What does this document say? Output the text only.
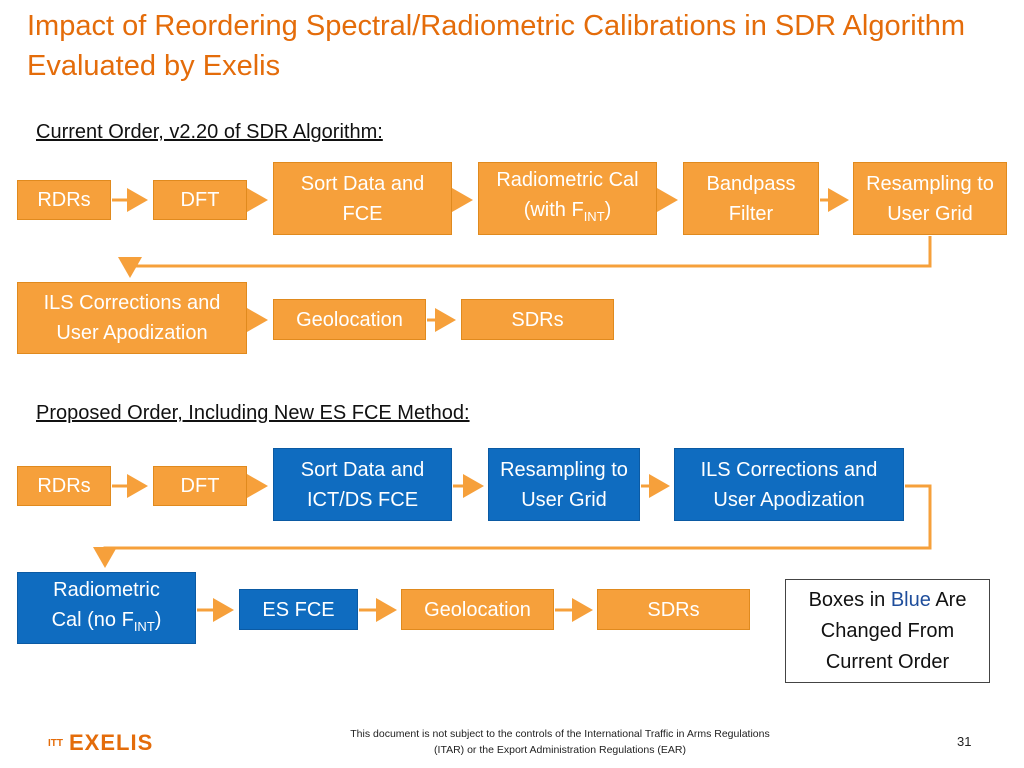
Impact of Reordering Spectral/Radiometric Calibrations in SDR Algorithm Evaluated by Exelis
Current Order, v2.20 of SDR Algorithm:
RDRs	DFT
Sort Data and FCE
Radiometric Cal (with $F_{INT}$)
Bandpass Filter
Resampling to User Grid
ILS Corrections and User Apodization
Geolocation	SDRs
Proposed Order, Including New ES FCE Method:
RDRs	DFT
Sort Data and ICT/DS FCE
Resampling to User Grid
ILS Corrections and User Apodization
Radiometric Cal (no $F_{INT}$)	ES FCE	Geolocation	SDRs	Boxes in Blue Are
Changed From
Current Order
ITT EXELIS	This document is not subject to the controls of the International Traffic in Arms Regulations (ITAR) or the Export Administration Regulations (EAR)
31
